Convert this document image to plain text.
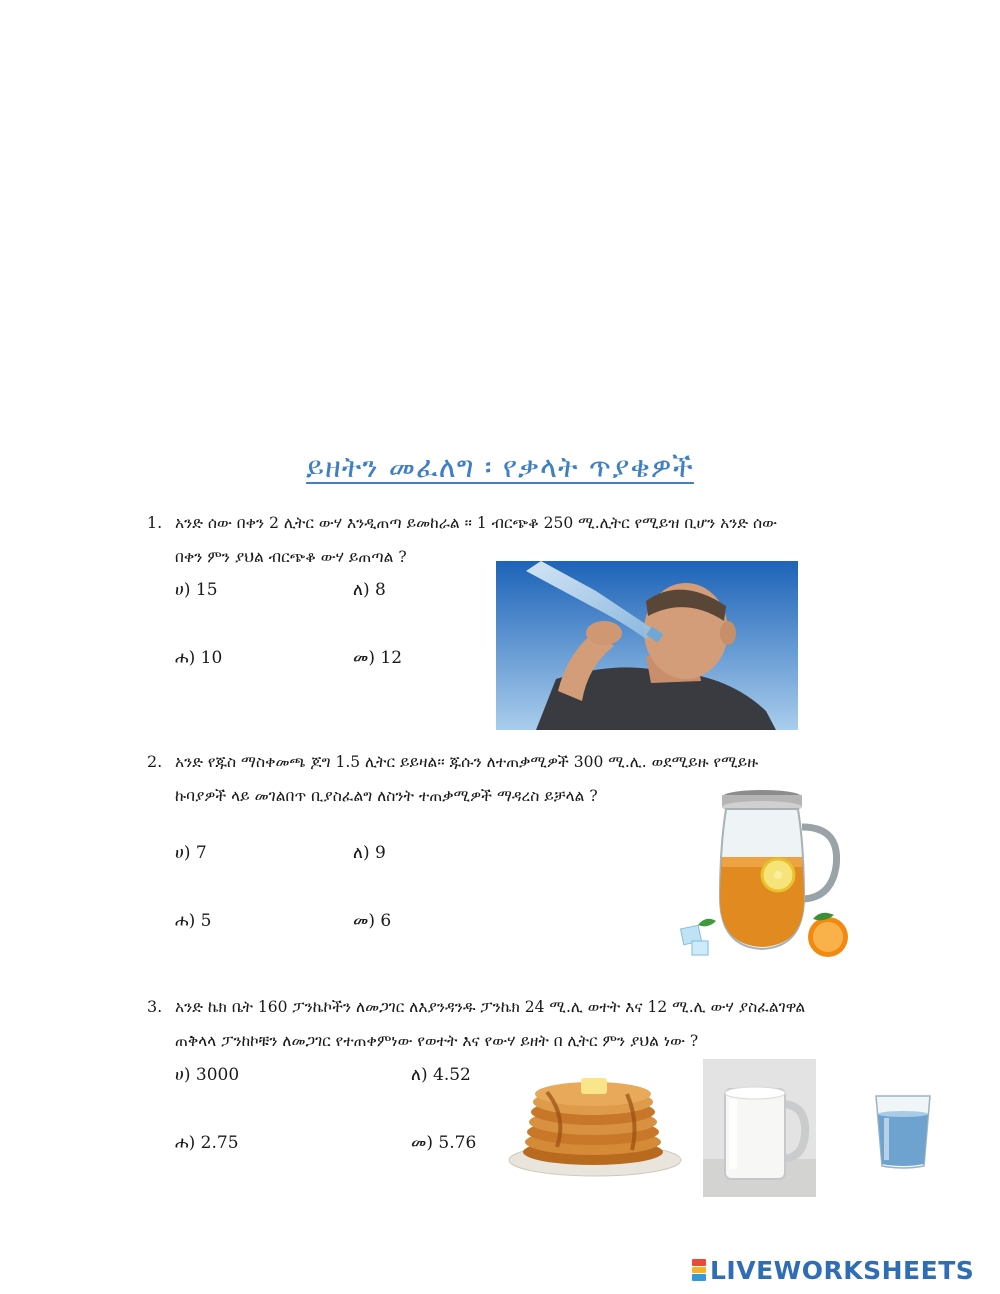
ይዘትን መፈለግ ፡ የቃላት ጥያቄዎች
1. አንድ ሰው በቀን 2 ሊትር ውሃ እንዲጠጣ ይመከራል ፡፡ 1 ብርጭቆ 250 ሚ.ሊትር የሚይዝ ቢሆን አንድ ሰው
በቀን ምን ያህል ብርጭቆ ውሃ ይጠጣል ?
ሀ) 15	ለ) 8
ሐ) 10	መ) 12
2. አንድ የጁስ ማስቀመጫ ጆግ 1.5 ሊትር ይይዛል፡፡ ጁሱን ለተጠቃሚዎች 300 ሚ.ሊ. ወደሚይዙ የሚይዙ
ኩባያዎች ላይ መገልበጥ ቢያስፈልግ ለስንት ተጠቃሚዎች ማዳረስ ይቻላል ?
ሀ) 7	ለ) 9
ሐ) 5	መ) 6
3. አንድ ኬክ ቤት 160 ፓንኬኮችን ለመጋገር ለእያንዳንዱ ፓንኬክ 24 ሚ.ሊ ወተት እና 12 ሚ.ሊ ውሃ ያስፈልገዋል
ጠቅላላ ፓንከኮቹን ለመጋገር የተጠቀምነው የወተት እና የውሃ ይዘት በ ሊትር ምን ያህል ነው ?
ሀ) 3000	ለ) 4.52
ሐ) 2.75	መ) 5.76
LIVEWORKSHEETS
